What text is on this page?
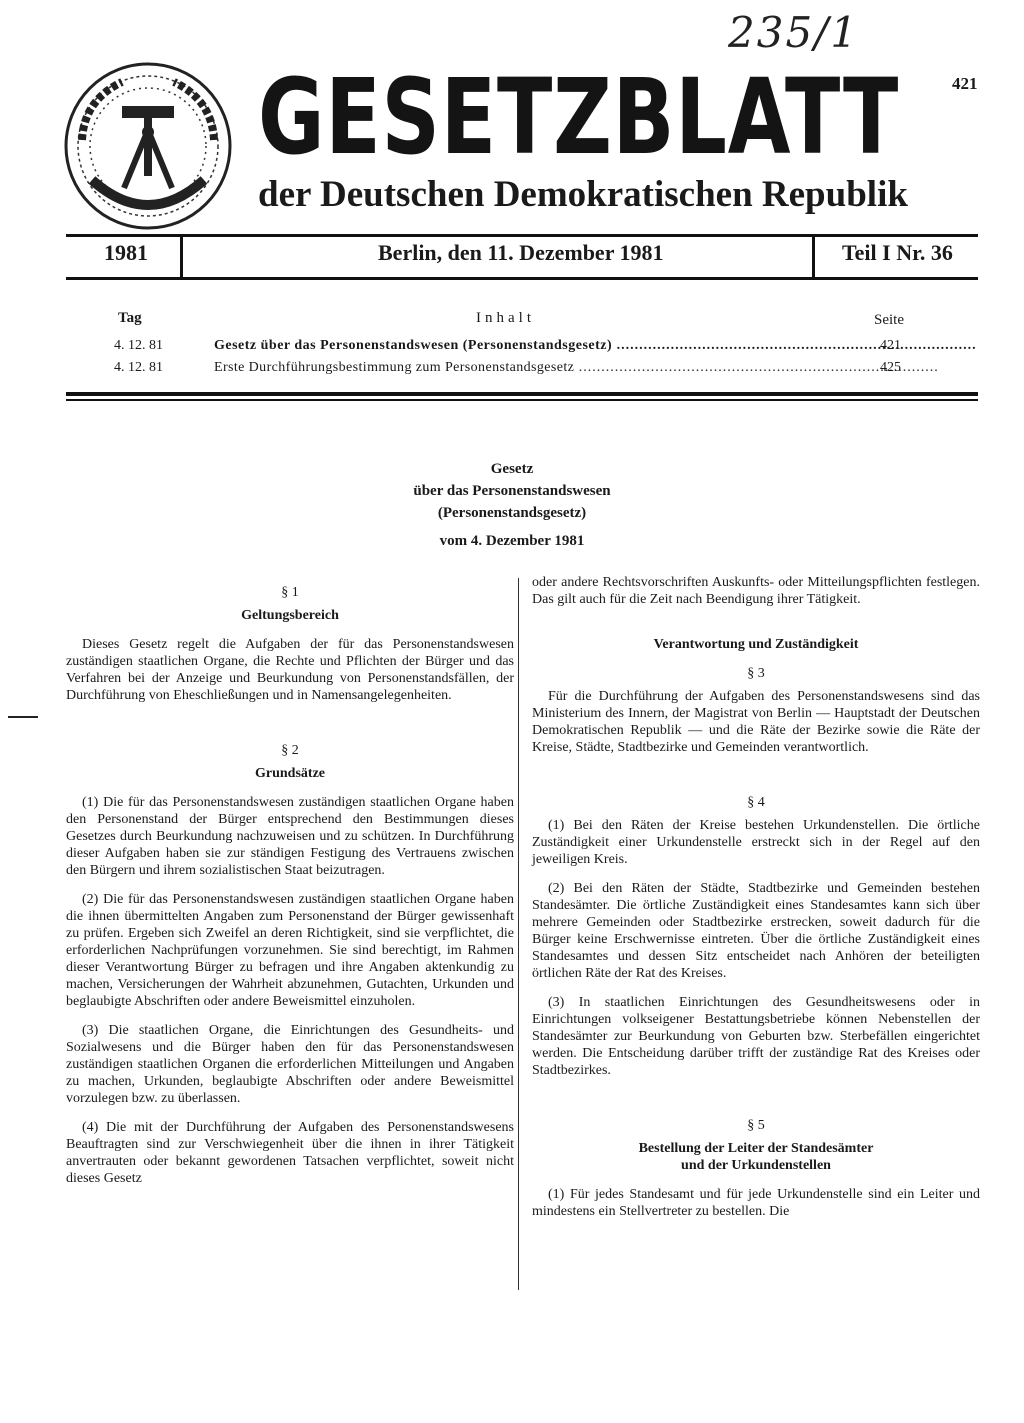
235/1
GESETZBLATT
der Deutschen Demokratischen Republik
421
1981	Berlin, den 11. Dezember 1981	Teil I Nr. 36
Tag	Inhalt	Seite
4. 12. 81	Gesetz über das Personenstandswesen (Personenstandsgesetz) .....	421
4. 12. 81	Erste Durchführungsbestimmung zum Personenstandsgesetz .....	425
Gesetz
über das Personenstandswesen
(Personenstandsgesetz)
vom 4. Dezember 1981
§ 1
Geltungsbereich

Dieses Gesetz regelt die Aufgaben der für das Personenstandswesen zuständigen staatlichen Organe, die Rechte und Pflichten der Bürger und das Verfahren bei der Anzeige und Beurkundung von Personenstandsfällen, der Durchführung von Eheschließungen und in Namensangelegenheiten.

§ 2
Grundsätze

(1) Die für das Personenstandswesen zuständigen staatlichen Organe haben den Personenstand der Bürger entsprechend den Bestimmungen dieses Gesetzes durch Beurkundung nachzuweisen und zu schützen. In Durchführung dieser Aufgaben haben sie zur ständigen Festigung des Vertrauens zwischen den Bürgern und ihrem sozialistischen Staat beizutragen.

(2) Die für das Personenstandswesen zuständigen staatlichen Organe haben die ihnen übermittelten Angaben zum Personenstand der Bürger gewissenhaft zu prüfen. Ergeben sich Zweifel an deren Richtigkeit, sind sie verpflichtet, die erforderlichen Nachprüfungen vorzunehmen. Sie sind berechtigt, im Rahmen dieser Verantwortung Bürger zu befragen und ihre Angaben aktenkundig zu machen, Versicherungen der Wahrheit abzunehmen, Gutachten, Urkunden und beglaubigte Abschriften oder andere Beweismittel einzuholen.

(3) Die staatlichen Organe, die Einrichtungen des Gesundheits- und Sozialwesens und die Bürger haben den für das Personenstandswesen zuständigen staatlichen Organen die erforderlichen Mitteilungen und Angaben zu machen, Urkunden, beglaubigte Abschriften oder andere Beweismittel vorzulegen bzw. zu überlassen.

(4) Die mit der Durchführung der Aufgaben des Personenstandswesens Beauftragten sind zur Verschwiegenheit über die ihnen in ihrer Tätigkeit anvertrauten oder bekannt gewordenen Tatsachen verpflichtet, soweit nicht dieses Gesetz

oder andere Rechtsvorschriften Auskunfts- oder Mitteilungspflichten festlegen. Das gilt auch für die Zeit nach Beendigung ihrer Tätigkeit.

Verantwortung und Zuständigkeit
§ 3

Für die Durchführung der Aufgaben des Personenstandswesens sind das Ministerium des Innern, der Magistrat von Berlin — Hauptstadt der Deutschen Demokratischen Republik — und die Räte der Bezirke sowie die Räte der Kreise, Städte, Stadtbezirke und Gemeinden verantwortlich.

§ 4

(1) Bei den Räten der Kreise bestehen Urkundenstellen. Die örtliche Zuständigkeit einer Urkundenstelle erstreckt sich in der Regel auf den jeweiligen Kreis.

(2) Bei den Räten der Städte, Stadtbezirke und Gemeinden bestehen Standesämter. Die örtliche Zuständigkeit eines Standesamtes kann sich über mehrere Gemeinden oder Stadtbezirke erstrecken, soweit dadurch für die Bürger keine Erschwernisse eintreten. Über die örtliche Zuständigkeit eines Standesamtes und dessen Sitz entscheidet nach Anhören der beteiligten örtlichen Räte der Rat des Kreises.

(3) In staatlichen Einrichtungen des Gesundheitswesens oder in Einrichtungen volkseigener Bestattungsbetriebe können Nebenstellen der Standesämter zur Beurkundung von Geburten bzw. Sterbefällen eingerichtet werden. Die Entscheidung darüber trifft der zuständige Rat des Kreises oder Stadtbezirkes.

§ 5
Bestellung der Leiter der Standesämter
und der Urkundenstellen

(1) Für jedes Standesamt und für jede Urkundenstelle sind ein Leiter und mindestens ein Stellvertreter zu bestellen. Die
